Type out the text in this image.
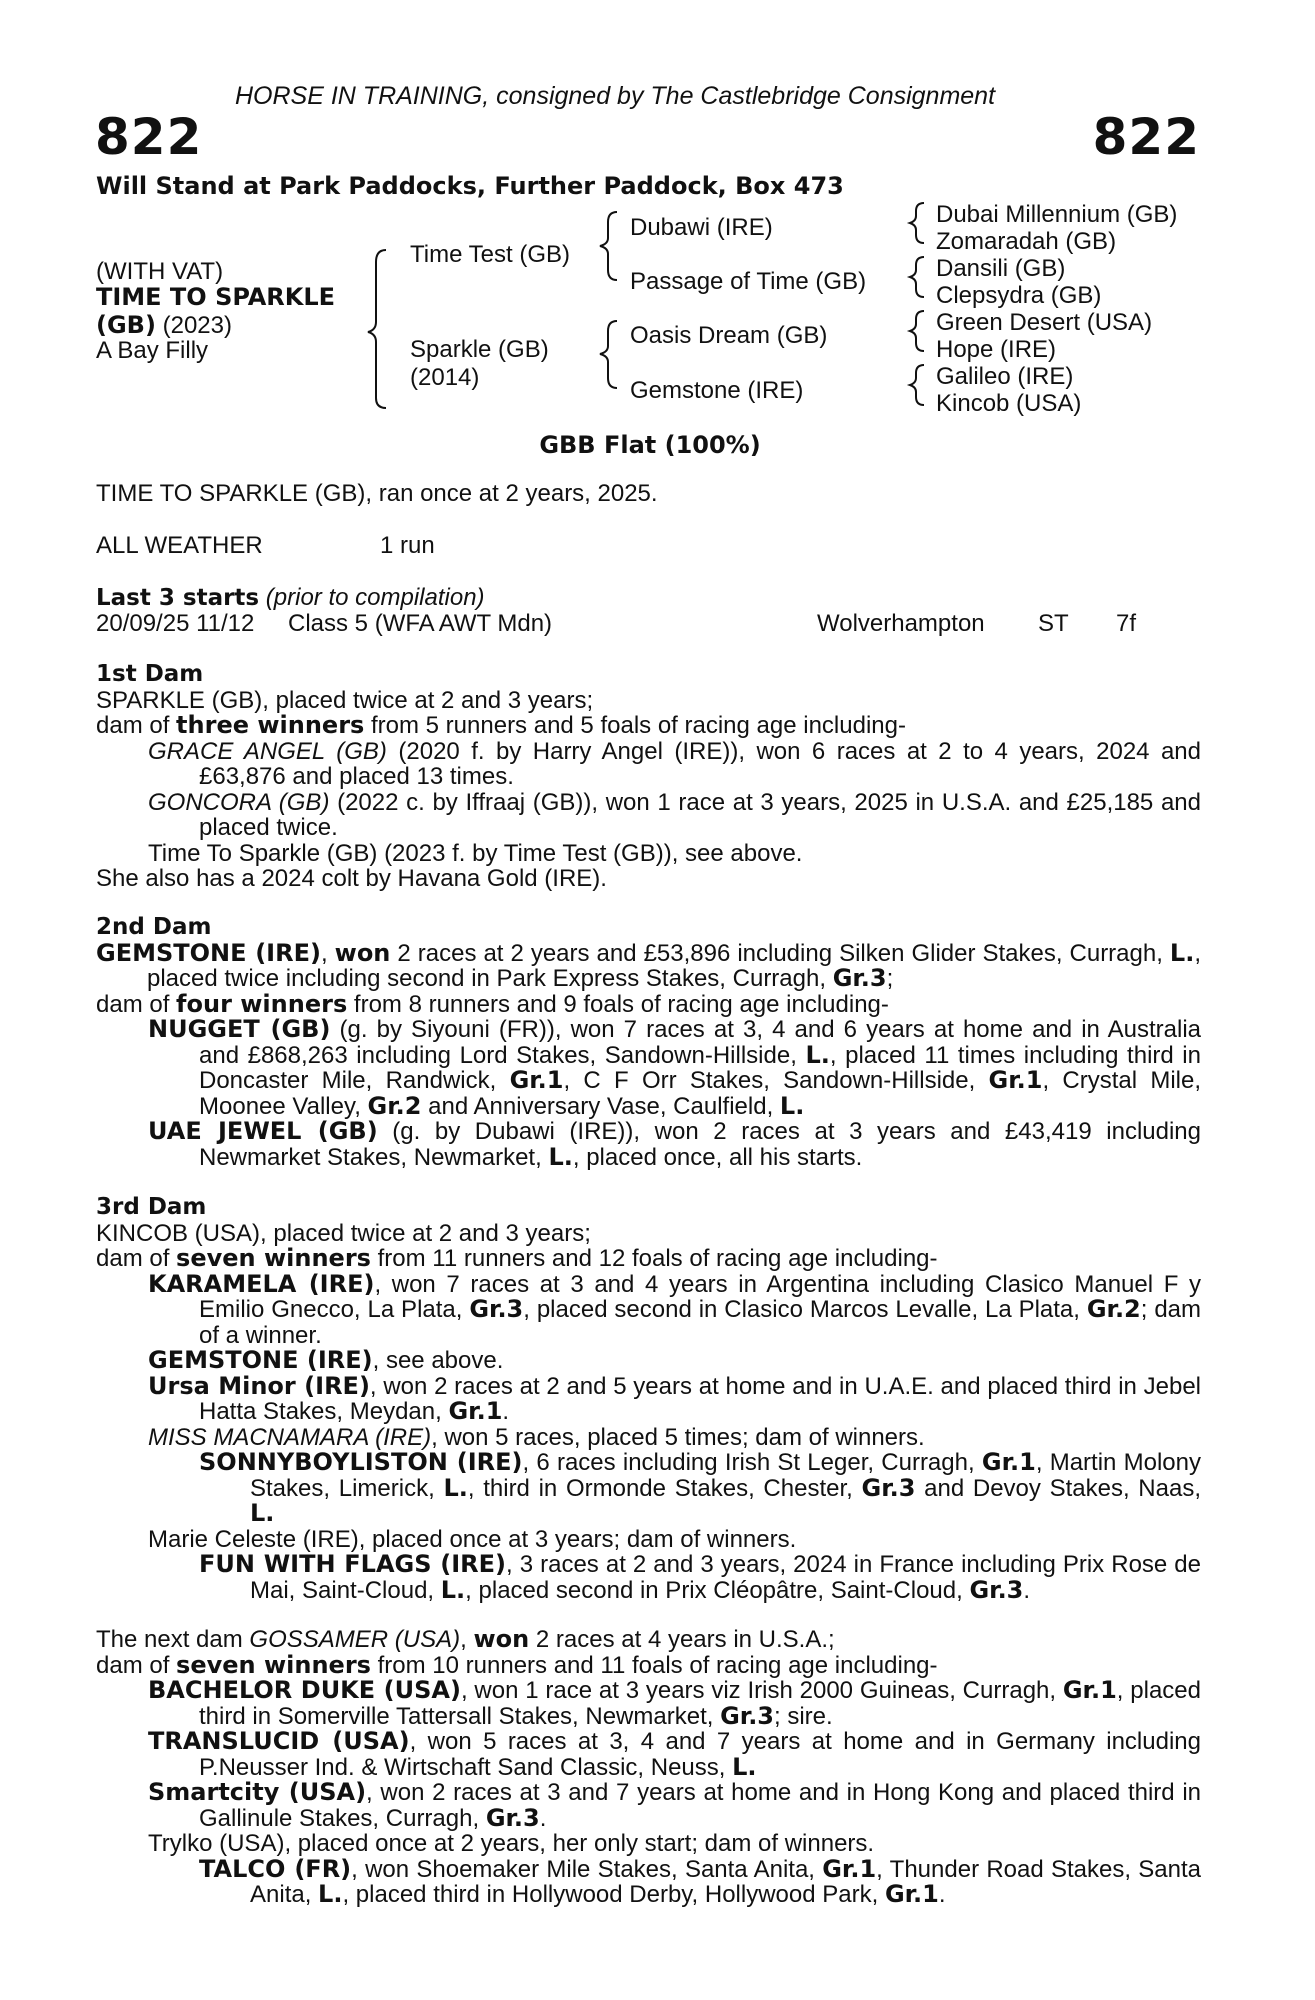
HORSE IN TRAINING, consigned by The Castlebridge Consignment
822	822
Will Stand at Park Paddocks, Further Paddock, Box 473
(WITH VAT)
TIME TO SPARKLE
(GB) (2023)
A Bay Filly
Time Test (GB)
Sparkle (GB)
(2014)
Dubawi (IRE)
Passage of Time (GB)
Oasis Dream (GB)
Gemstone (IRE)
Dubai Millennium (GB)
Zomaradah (GB)
Dansili (GB)
Clepsydra (GB)
Green Desert (USA)
Hope (IRE)
Galileo (IRE)
Kincob (USA)
GBB Flat (100%)
TIME TO SPARKLE (GB), ran once at 2 years, 2025.
ALL WEATHER	1 run
Last 3 starts (prior to compilation)
20/09/25 11/12 Class 5 (WFA AWT Mdn)	Wolverhampton ST 7f

1st Dam

SPARKLE (GB), placed twice at 2 and 3 years;

dam of three winners from 5 runners and 5 foals of racing age including-

GRACE ANGEL (GB) (2020 f. by Harry Angel (IRE)), won 6 races at 2 to 4 years, 2024 and £63,876 and placed 13 times.

GONCORA (GB) (2022 c. by Iffraaj (GB)), won 1 race at 3 years, 2025 in U.S.A. and £25,185 and placed twice.

Time To Sparkle (GB) (2023 f. by Time Test (GB)), see above.

She also has a 2024 colt by Havana Gold (IRE).

2nd Dam

GEMSTONE (IRE), won 2 races at 2 years and £53,896 including Silken Glider Stakes, Curragh, L., placed twice including second in Park Express Stakes, Curragh, Gr.3;

dam of four winners from 8 runners and 9 foals of racing age including-

NUGGET (GB) (g. by Siyouni (FR)), won 7 races at 3, 4 and 6 years at home and in Australia and £868,263 including Lord Stakes, Sandown-Hillside, L., placed 11 times including third in Doncaster Mile, Randwick, Gr.1, C F Orr Stakes, Sandown-Hillside, Gr.1, Crystal Mile, Moonee Valley, Gr.2 and Anniversary Vase, Caulfield, L.

UAE JEWEL (GB) (g. by Dubawi (IRE)), won 2 races at 3 years and £43,419 including Newmarket Stakes, Newmarket, L., placed once, all his starts.

3rd Dam

KINCOB (USA), placed twice at 2 and 3 years;

dam of seven winners from 11 runners and 12 foals of racing age including-

KARAMELA (IRE), won 7 races at 3 and 4 years in Argentina including Clasico Manuel F y Emilio Gnecco, La Plata, Gr.3, placed second in Clasico Marcos Levalle, La Plata, Gr.2; dam of a winner.

GEMSTONE (IRE), see above.

Ursa Minor (IRE), won 2 races at 2 and 5 years at home and in U.A.E. and placed third in Jebel Hatta Stakes, Meydan, Gr.1.

MISS MACNAMARA (IRE), won 5 races, placed 5 times; dam of winners.

SONNYBOYLISTON (IRE), 6 races including Irish St Leger, Curragh, Gr.1, Martin Molony Stakes, Limerick, L., third in Ormonde Stakes, Chester, Gr.3 and Devoy Stakes, Naas, L.

Marie Celeste (IRE), placed once at 3 years; dam of winners.

FUN WITH FLAGS (IRE), 3 races at 2 and 3 years, 2024 in France including Prix Rose de Mai, Saint-Cloud, L., placed second in Prix Cléopâtre, Saint-Cloud, Gr.3.

The next dam GOSSAMER (USA), won 2 races at 4 years in U.S.A.;

dam of seven winners from 10 runners and 11 foals of racing age including-

BACHELOR DUKE (USA), won 1 race at 3 years viz Irish 2000 Guineas, Curragh, Gr.1, placed third in Somerville Tattersall Stakes, Newmarket, Gr.3; sire.

TRANSLUCID (USA), won 5 races at 3, 4 and 7 years at home and in Germany including P.Neusser Ind. & Wirtschaft Sand Classic, Neuss, L.

Smartcity (USA), won 2 races at 3 and 7 years at home and in Hong Kong and placed third in Gallinule Stakes, Curragh, Gr.3.

Trylko (USA), placed once at 2 years, her only start; dam of winners.

TALCO (FR), won Shoemaker Mile Stakes, Santa Anita, Gr.1, Thunder Road Stakes, Santa Anita, L., placed third in Hollywood Derby, Hollywood Park, Gr.1.
